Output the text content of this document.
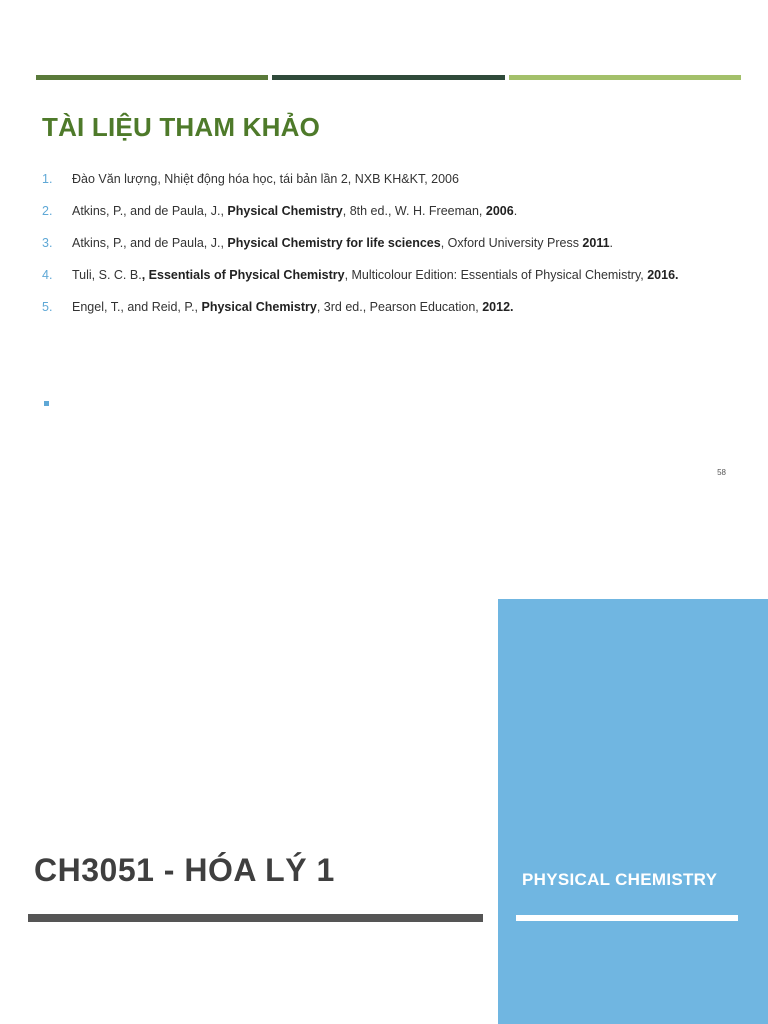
TÀI LIỆU THAM KHẢO
1.	Đào Văn lượng, Nhiệt động hóa học, tái bản lần 2, NXB KH&KT, 2006
2.	Atkins, P., and de Paula, J., Physical Chemistry, 8th ed., W. H. Freeman, 2006.
3.	Atkins, P., and de Paula, J., Physical Chemistry for life sciences, Oxford University Press 2011.
4.	Tuli, S. C. B., Essentials of Physical Chemistry, Multicolour Edition: Essentials of Physical Chemistry, 2016.
5.	Engel, T., and Reid, P., Physical Chemistry, 3rd ed., Pearson Education, 2012.
58
CH3051 - HÓA LÝ 1	PHYSICAL CHEMISTRY
